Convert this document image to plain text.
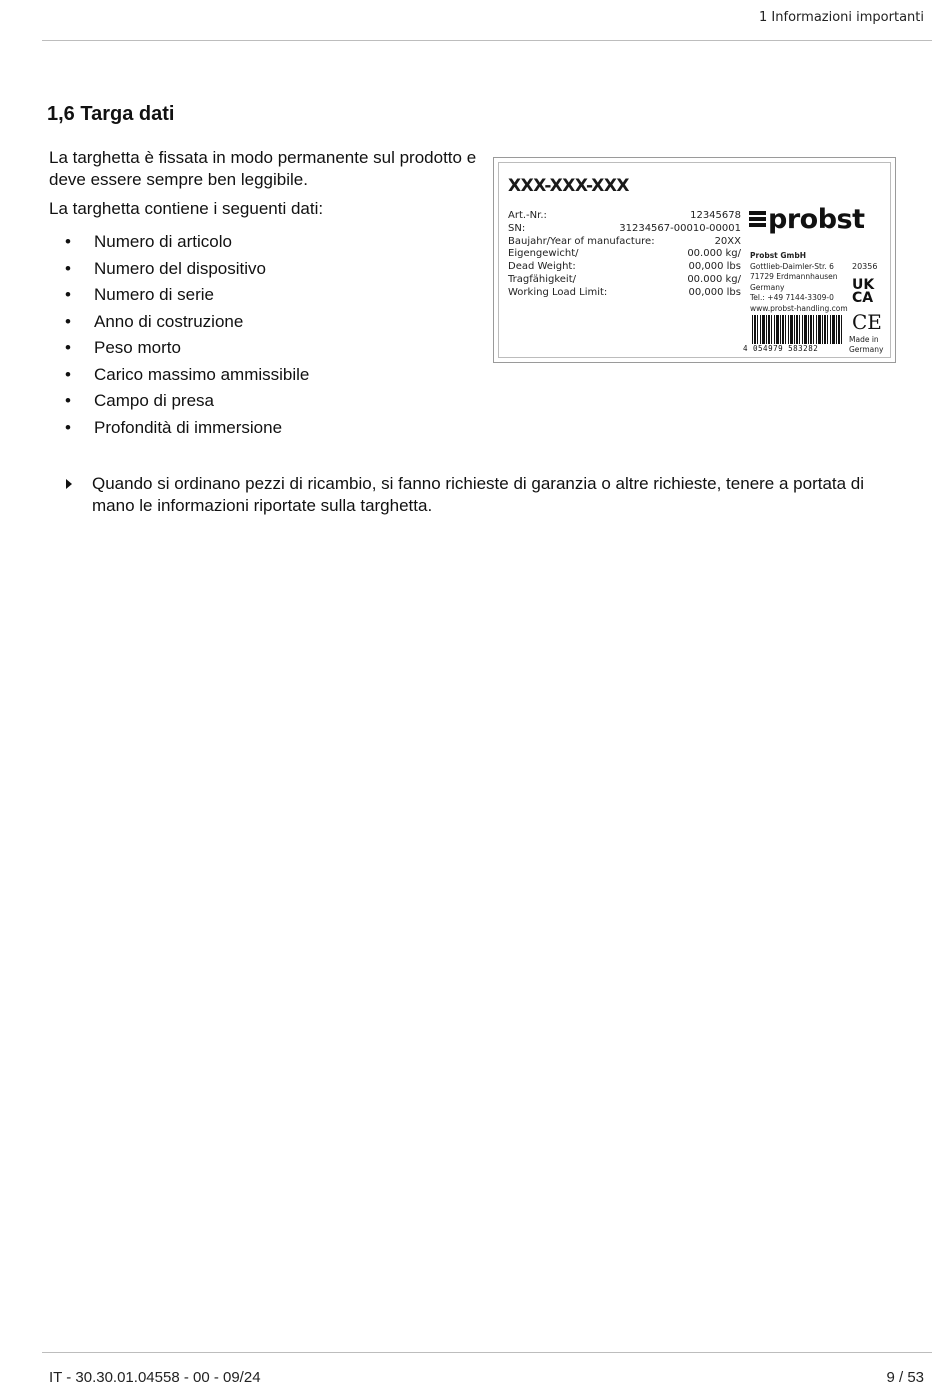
1 Informazioni importanti
1,6 Targa dati

La targhetta è fissata in modo permanente sul prodotto e deve essere sempre ben leggibile.

La targhetta contiene i seguenti dati:

• Numero di articolo
• Numero del dispositivo
• Numero di serie
• Anno di costruzione
• Peso morto
• Carico massimo ammissibile
• Campo di presa
• Profondità di immersione
XXX-XXX-XXX
Art.-Nr.:	12345678
SN:	31234567-00010-00001
Baujahr/Year of manufacture:	20XX
Eigengewicht/	00.000 kg/
Dead Weight:	00,000 lbs
Tragfähigkeit/	00.000 kg/
Working Load Limit:	00,000 lbs
probst
Probst GmbH
Gottlieb-Daimler-Str. 6
71729 Erdmannhausen
Germany
Tel.: +49 7144-3309-0
www.probst-handling.com
20356
UK
CA
CE
Made in
Germany
4 054979 583282
Quando si ordinano pezzi di ricambio, si fanno richieste di garanzia o altre richieste, tenere a portata di mano le informazioni riportate sulla targhetta.
IT - 30.30.01.04558 - 00 - 09/24	9 / 53
